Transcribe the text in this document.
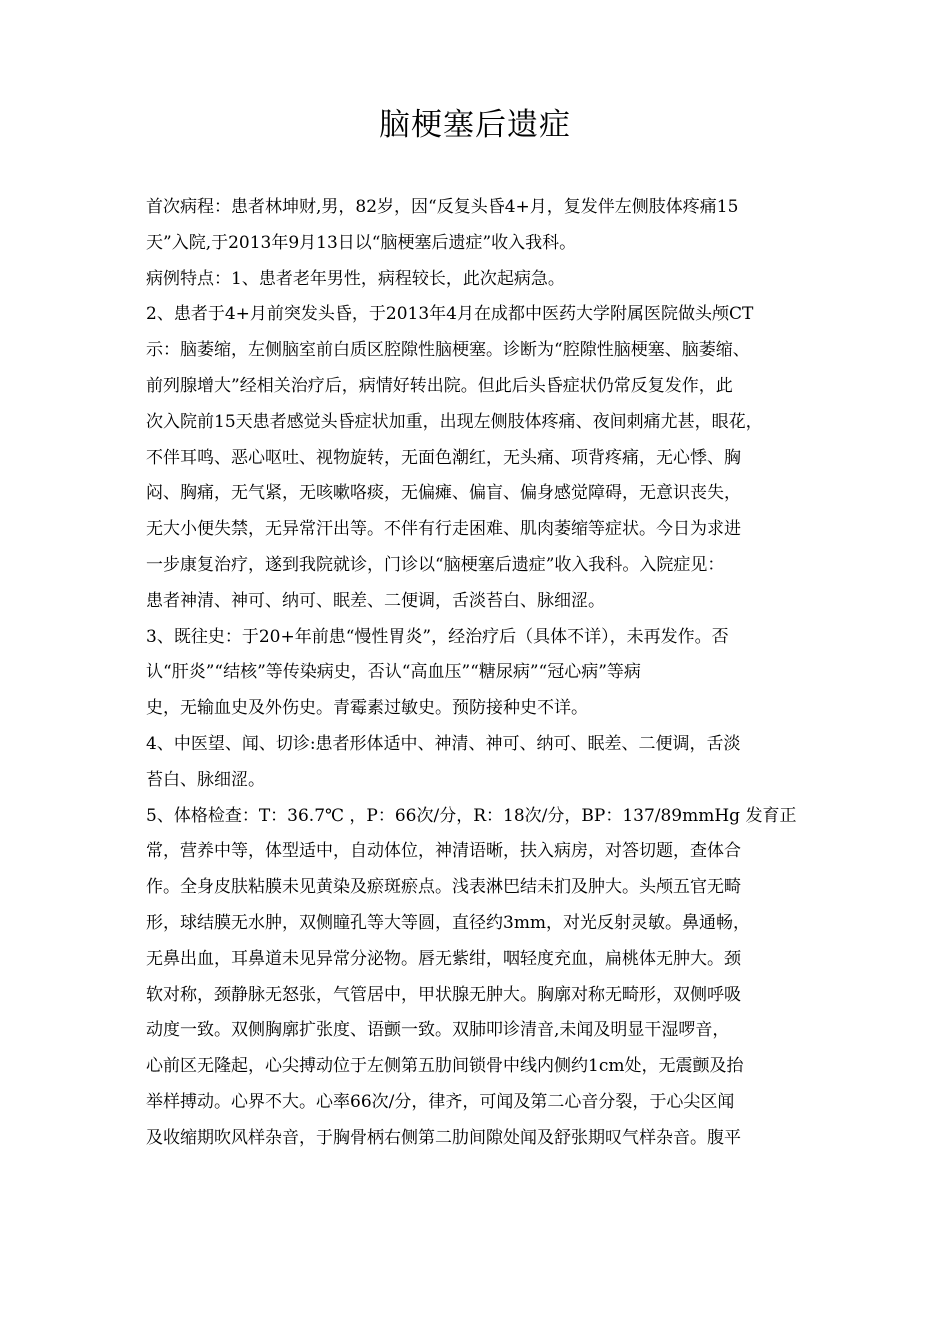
脑梗塞后遗症
首次病程：患者林坤财,男，82岁，因“反复头昏4+月，复发伴左侧肢体疼痛15
天”入院,于2013年9月13日以“脑梗塞后遗症”收入我科。
病例特点：1、患者老年男性，病程较长，此次起病急。
2、患者于4+月前突发头昏，于2013年4月在成都中医药大学附属医院做头颅CT
示：脑萎缩，左侧脑室前白质区腔隙性脑梗塞。诊断为“腔隙性脑梗塞、脑萎缩、
前列腺增大”经相关治疗后，病情好转出院。但此后头昏症状仍常反复发作，此
次入院前15天患者感觉头昏症状加重，出现左侧肢体疼痛、夜间刺痛尤甚，眼花，
不伴耳鸣、恶心呕吐、视物旋转，无面色潮红，无头痛、项背疼痛，无心悸、胸
闷、胸痛，无气紧，无咳嗽咯痰，无偏瘫、偏盲、偏身感觉障碍，无意识丧失，
无大小便失禁，无异常汗出等。不伴有行走困难、肌肉萎缩等症状。今日为求进
一步康复治疗，遂到我院就诊，门诊以“脑梗塞后遗症”收入我科。入院症见：
患者神清、神可、纳可、眠差、二便调，舌淡苔白、脉细涩。
3、既往史：于20+年前患“慢性胃炎”，经治疗后（具体不详），未再发作。否
认“肝炎”“结核”等传染病史，否认“高血压”“糖尿病”“冠心病”等病
史，无输血史及外伤史。青霉素过敏史。预防接种史不详。
4、中医望、闻、切诊:患者形体适中、神清、神可、纳可、眠差、二便调，舌淡
苔白、脉细涩。
5、体格检查：T：36.7℃ ，P：66次/分，R：18次/分，BP：137/89mmHg 发育正
常，营养中等，体型适中，自动体位，神清语晰，扶入病房，对答切题，查体合
作。全身皮肤粘膜未见黄染及瘀斑瘀点。浅表淋巴结未扪及肿大。头颅五官无畸
形，球结膜无水肿，双侧瞳孔等大等圆，直径约3mm，对光反射灵敏。鼻通畅，
无鼻出血，耳鼻道未见异常分泌物。唇无紫绀，咽轻度充血，扁桃体无肿大。颈
软对称，颈静脉无怒张，气管居中，甲状腺无肿大。胸廓对称无畸形，双侧呼吸
动度一致。双侧胸廓扩张度、语颤一致。双肺叩诊清音,未闻及明显干湿啰音，
心前区无隆起，心尖搏动位于左侧第五肋间锁骨中线内侧约1cm处，无震颤及抬
举样搏动。心界不大。心率66次/分，律齐，可闻及第二心音分裂，于心尖区闻
及收缩期吹风样杂音，于胸骨柄右侧第二肋间隙处闻及舒张期叹气样杂音。腹平
